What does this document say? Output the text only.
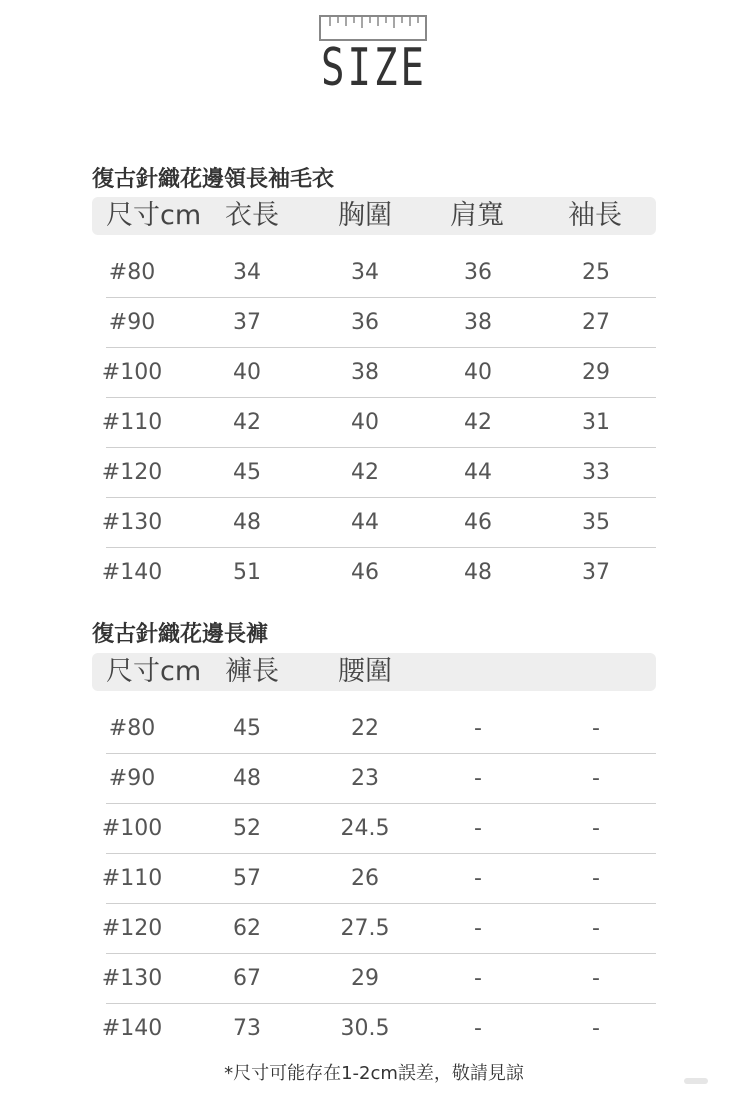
SIZE
復古針織花邊領長袖毛衣
尺寸cm 衣長 胸圍 肩寬 袖長
#80	34	34	36	25
#90	37	36	38	27
#100	40	38	40	29
#110	42	40	42	31
#120	45	42	44	33
#130	48	44	46	35
#140	51	46	48	37
復古針織花邊長褲
尺寸cm 褲長 腰圍
#80	45	22	-	-
#90	48	23	-	-
#100	52	24.5	-	-
#110	57	26	-	-
#120	62	27.5	-	-
#130	67	29	-	-
#140	73	30.5	-	-
*尺寸可能存在1-2cm誤差，敬請見諒
